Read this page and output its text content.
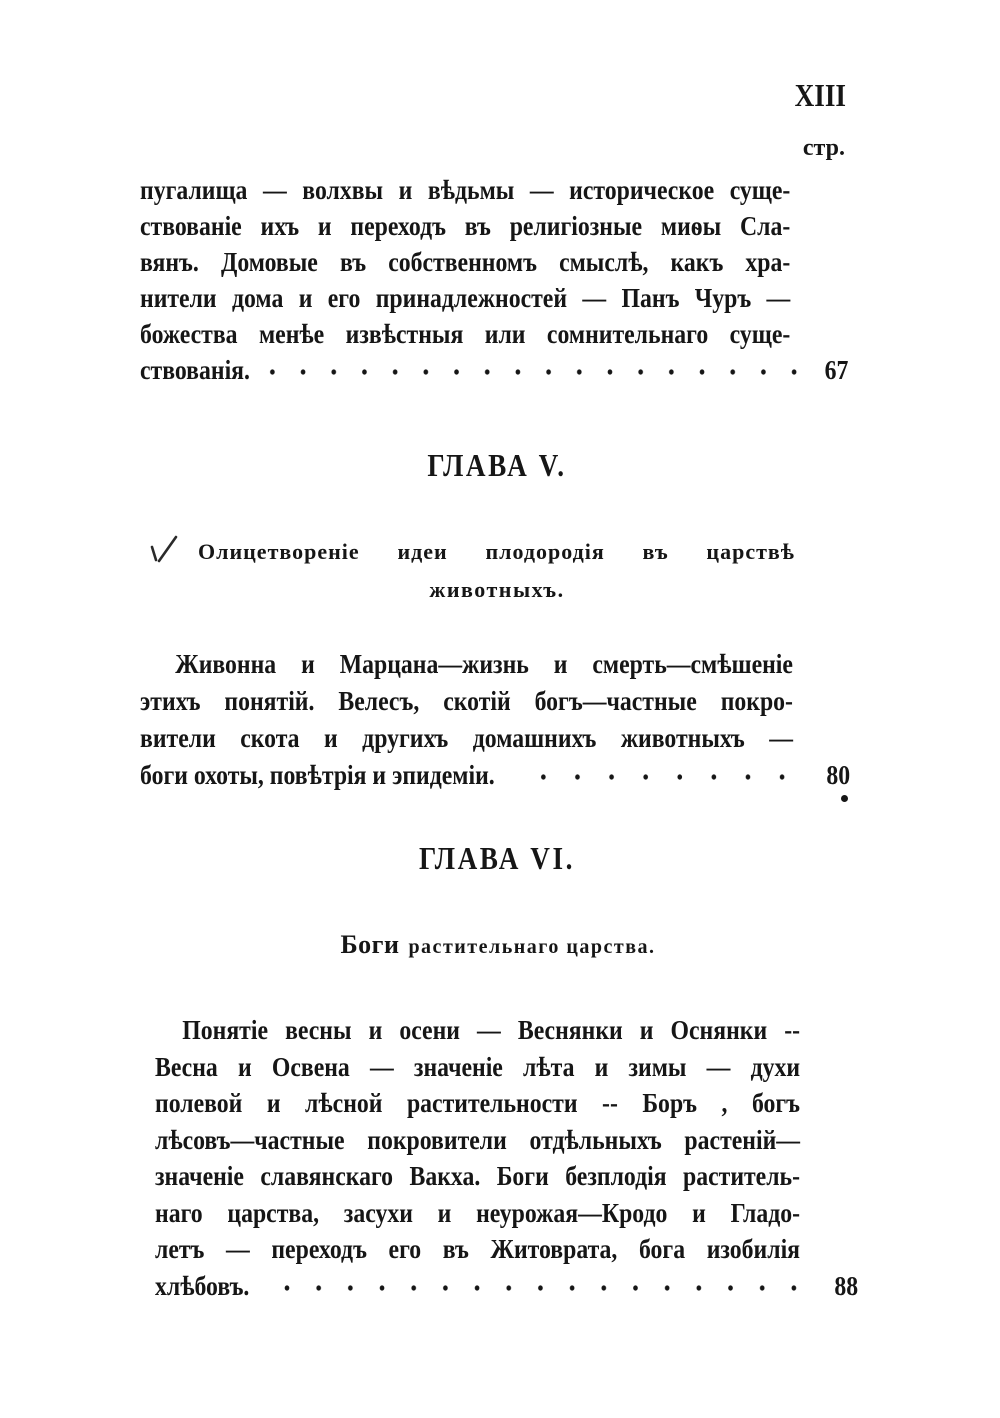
XIII
стр.
пугалища — волхвы и вѣдьмы — историческое суще-
ствованіе ихъ и переходъ въ религіозные миѳы Сла-
вянъ. Домовые въ собственномъ смыслѣ, какъ хра-
нители дома и его принадлежностей — Панъ Чуръ —
божества менѣе извѣстныя или сомнительнаго суще-
ствованія.	67
ГЛАВА V.
Олицетвореніе идеи плодородія въ царствѣ
животныхъ.
Живонна и Марцана—жизнь и смерть—смѣшеніе
этихъ понятій. Велесъ, скотій богъ—частные покро-
вители скота и другихъ домашнихъ животныхъ —
боги охоты, повѣтрія и эпидеміи.	80
ГЛАВА VI.
Боги растительнаго царства.
Понятіе весны и осени — Веснянки и Оснянки --
Весна и Освена — значеніе лѣта и зимы — духи
полевой и лѣсной растительности -- Боръ , богъ
лѣсовъ—частные покровители отдѣльныхъ растеній—
значеніе славянскаго Вакха. Боги безплодія раститель-
наго царства, засухи и неурожая—Кродо и Гладо-
летъ — переходъ его въ Житоврата, бога изобилія
хлѣбовъ.	88
